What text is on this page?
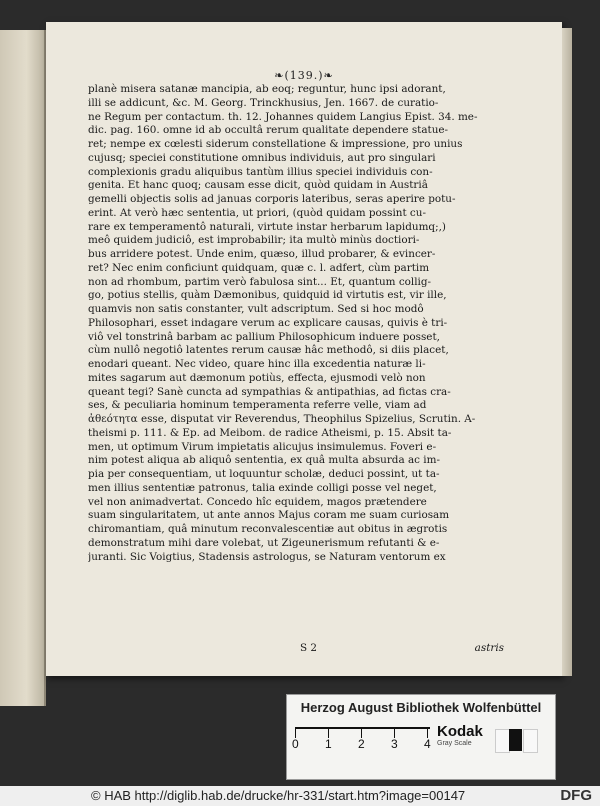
❧(139.)❧
planè misera satanæ mancipia, ab eoq; reguntur, hunc ipsi adorant,
illi se addicunt, &c. M. Georg. Trinckhusius, Jen. 1667. de curatio-
ne Regum per contactum. th. 12. Johannes quidem Langius Epist. 34. me-
dic. pag. 160. omne id ab occultâ rerum qualitate dependere statue-
ret; nempe ex cœlesti siderum constellatione & impressione, pro unius
cujusq; speciei constitutione omnibus individuis, aut pro singulari
complexionis gradu aliquibus tantùm illius speciei individuis con-
genita. Et hanc quoq; causam esse dicit, quòd quidam in Austriâ
gemelli objectis solis ad januas corporis lateribus, seras aperire potu-
erint. At verò hæc sententia, ut priori, (quòd quidam possint cu-
rare ex temperamentô naturali, virtute instar herbarum lapidumq;,)
meô quidem judiciô, est improbabilir; ita multò minùs doctiori-
bus arridere potest. Unde enim, quæso, illud probarer, & evincer-
ret? Nec enim conficiunt quidquam, quæ c. l. adfert, cùm partim
non ad rhombum, partim verò fabulosa sint... Et, quantum collig-
go, potius stellis, quàm Dæmonibus, quidquid id virtutis est, vir ille,
quamvis non satis constanter, vult adscriptum. Sed si hoc modô
Philosophari, esset indagare verum ac explicare causas, quivis è tri-
viô vel tonstrinâ barbam ac pallium Philosophicum induere posset,
cùm nullô negotiô latentes rerum causæ hâc methodô, si diis placet,
enodari queant. Nec video, quare hinc illa excedentia naturæ li-
mites sagarum aut dæmonum potiùs, effecta, ejusmodi velò non
queant tegi? Sanè cuncta ad sympathias & antipathias, ad fictas cra-
ses, & peculiaria hominum temperamenta referre velle, viam ad
ἀθεότητα esse, disputat vir Reverendus, Theophilus Spizelius, Scrutin. A-
theismi p. 111. & Ep. ad Meibom. de radice Atheismi, p. 15. Absit ta-
men, ut optimum Virum impietatis alicujus insimulemus. Foveri e-
nim potest aliqua ab aliquô sententia, ex quâ multa absurda ac im-
pia per consequentiam, ut loquuntur scholæ, deduci possint, ut ta-
men illius sententiæ patronus, talia exinde colligi posse vel neget,
vel non animadvertat. Concedo hîc equidem, magos prætendere
suam singularitatem, ut ante annos Majus coram me suam curiosam
chiromantiam, quâ minutum reconvalescentiæ aut obitus in ægrotis
demonstratum mihi dare volebat, ut Zigeunerismum refutanti & e-
juranti. Sic Voigtius, Stadensis astrologus, se Naturam ventorum ex
S 2	astris
Herzog August Bibliothek Wolfenbüttel
0 1 2 3 4
Kodak
Gray Scale
© HAB http://diglib.hab.de/drucke/hr-331/start.htm?image=00147	DFG
